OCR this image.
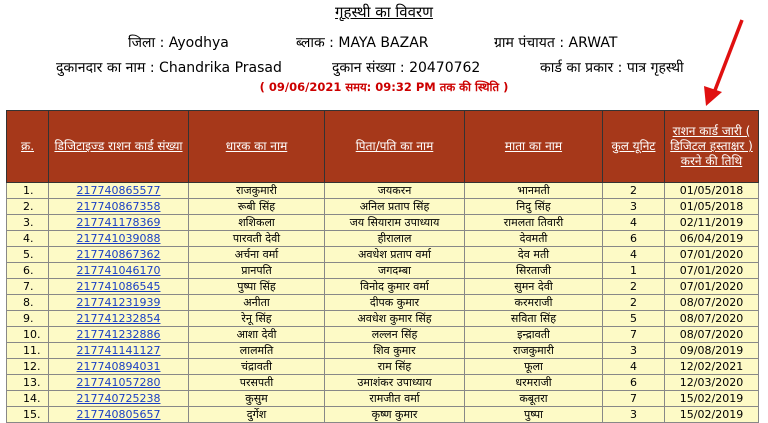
गृहस्थी का विवरण
जिला : Ayodhya	ब्लाक : MAYA BAZAR	ग्राम पंचायत : ARWAT
दुकानदार का नाम : Chandrika Prasad	दुकान संख्या : 20470762	कार्ड का प्रकार : पात्र गृहस्थी
( 09/06/2021 समय: 09:32 PM तक की स्थिति )
क्र.	डिजिटाइज्ड राशन कार्ड संख्या	धारक का नाम	पिता/पति का नाम	माता का नाम	कुल यूनिट	राशन कार्ड जारी ( डिजिटल हस्ताक्षर ) करने की तिथि
1.	217740865577	राजकुमारी	जयकरन	भानमती	2	01/05/2018
2.	217740867358	रूबी सिंह	अनिल प्रताप सिंह	निदु सिंह	3	01/05/2018
3.	217741178369	शशिकला	जय सियाराम उपाध्याय	रामलता तिवारी	4	02/11/2019
4.	217741039088	पारवती देवी	हीरालाल	देवमती	6	06/04/2019
5.	217740867362	अर्चना वर्मा	अवधेश प्रताप वर्मा	देव मती	4	07/01/2020
6.	217741046170	प्रानपति	जगदम्बा	सिरताजी	1	07/01/2020
7.	217741086545	पुष्पा सिंह	विनोद कुमार वर्मा	सुमन देवी	2	07/01/2020
8.	217741231939	अनीता	दीपक कुमार	करमराजी	2	08/07/2020
9.	217741232854	रेनू सिंह	अवधेश कुमार सिंह	सविता सिंह	5	08/07/2020
10.	217741232886	आशा देवी	लल्लन सिंह	इन्द्रावती	7	08/07/2020
11.	217741141127	लालमति	शिव कुमार	राजकुमारी	3	09/08/2019
12.	217740894031	चंद्रावती	राम सिंह	फूला	4	12/02/2021
13.	217741057280	परसपती	उमाशंकर उपाध्याय	धरमराजी	6	12/03/2020
14.	217740725238	कुसुम	रामजीत वर्मा	कबूतरा	7	15/02/2019
15.	217740805657	दुर्गेश	कृष्ण कुमार	पुष्पा	3	15/02/2019
